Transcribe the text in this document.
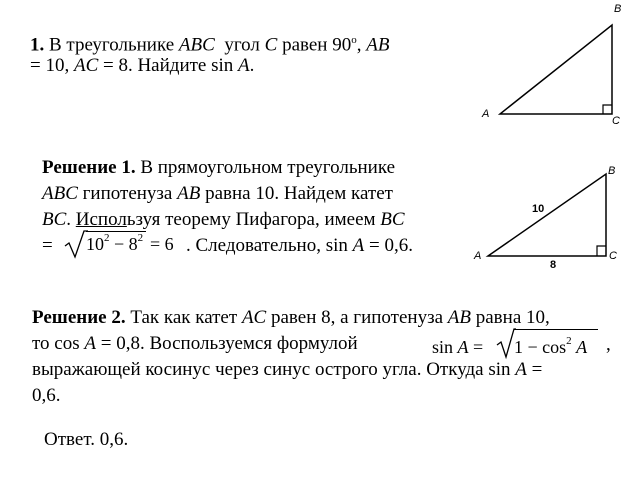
1. В треугольнике ABC угол C равен 90$^o$, AB
= 10, AC = 8. Найдите sin A.
B
A
C
Решение 1. В прямоугольном треугольнике
ABC гипотенуза AB равна 10. Найдем катет
BC. Используя теорему Пифагора, имеем BC
= $10^2 - 8^2 = 6$ . Следовательно, sin A = 0,6.
B
A	C
10
8
Решение 2. Так как катет AC равен 8, а гипотенуза AB равна 10,
то cos A = 0,8. Воспользуемся формулой	$\sin A = 1 - \cos^2 A$ ,
выражающей косинус через синус острого угла. Откуда sin A =
0,6.
Ответ. 0,6.
